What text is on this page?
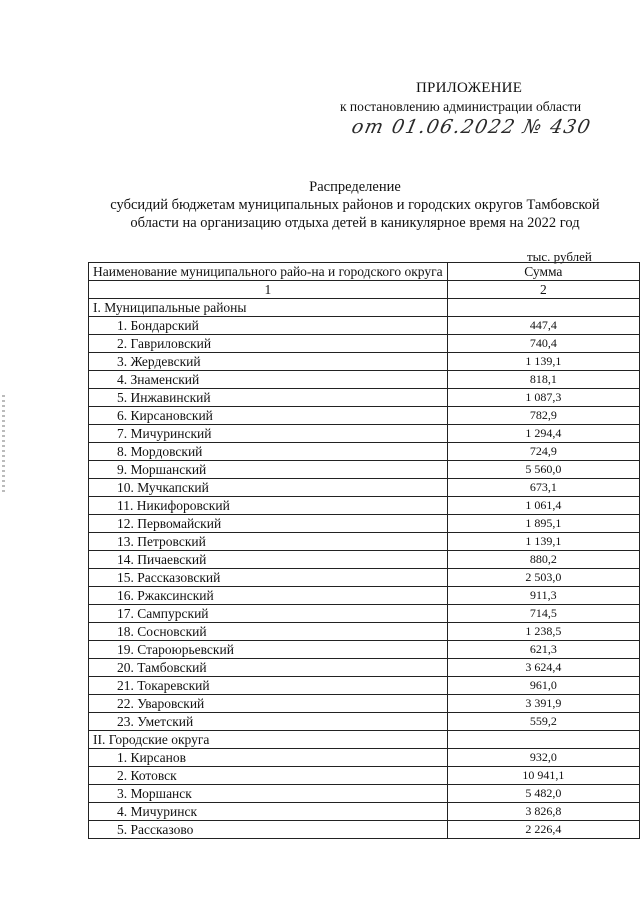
ПРИЛОЖЕНИЕ
к постановлению администрации области
от 01.06.2022 № 430
Распределение
субсидий бюджетам муниципальных районов и городских округов Тамбовской
области на организацию отдыха детей в каникулярное время на 2022 год
тыс. рублей
Наименование муниципального райо-на и городского округа	Сумма
1	2
I. Муниципальные районы	
1. Бондарский	447,4
2. Гавриловский	740,4
3. Жердевский	1 139,1
4. Знаменский	818,1
5. Инжавинский	1 087,3
6. Кирсановский	782,9
7. Мичуринский	1 294,4
8. Мордовский	724,9
9. Моршанский	5 560,0
10. Мучкапский	673,1
11. Никифоровский	1 061,4
12. Первомайский	1 895,1
13. Петровский	1 139,1
14. Пичаевский	880,2
15. Рассказовский	2 503,0
16. Ржаксинский	911,3
17. Сампурский	714,5
18. Сосновский	1 238,5
19. Староюрьевский	621,3
20. Тамбовский	3 624,4
21. Токаревский	961,0
22. Уваровский	3 391,9
23. Уметский	559,2
II. Городские округа	
1. Кирсанов	932,0
2. Котовск	10 941,1
3. Моршанск	5 482,0
4. Мичуринск	3 826,8
5. Рассказово	2 226,4
